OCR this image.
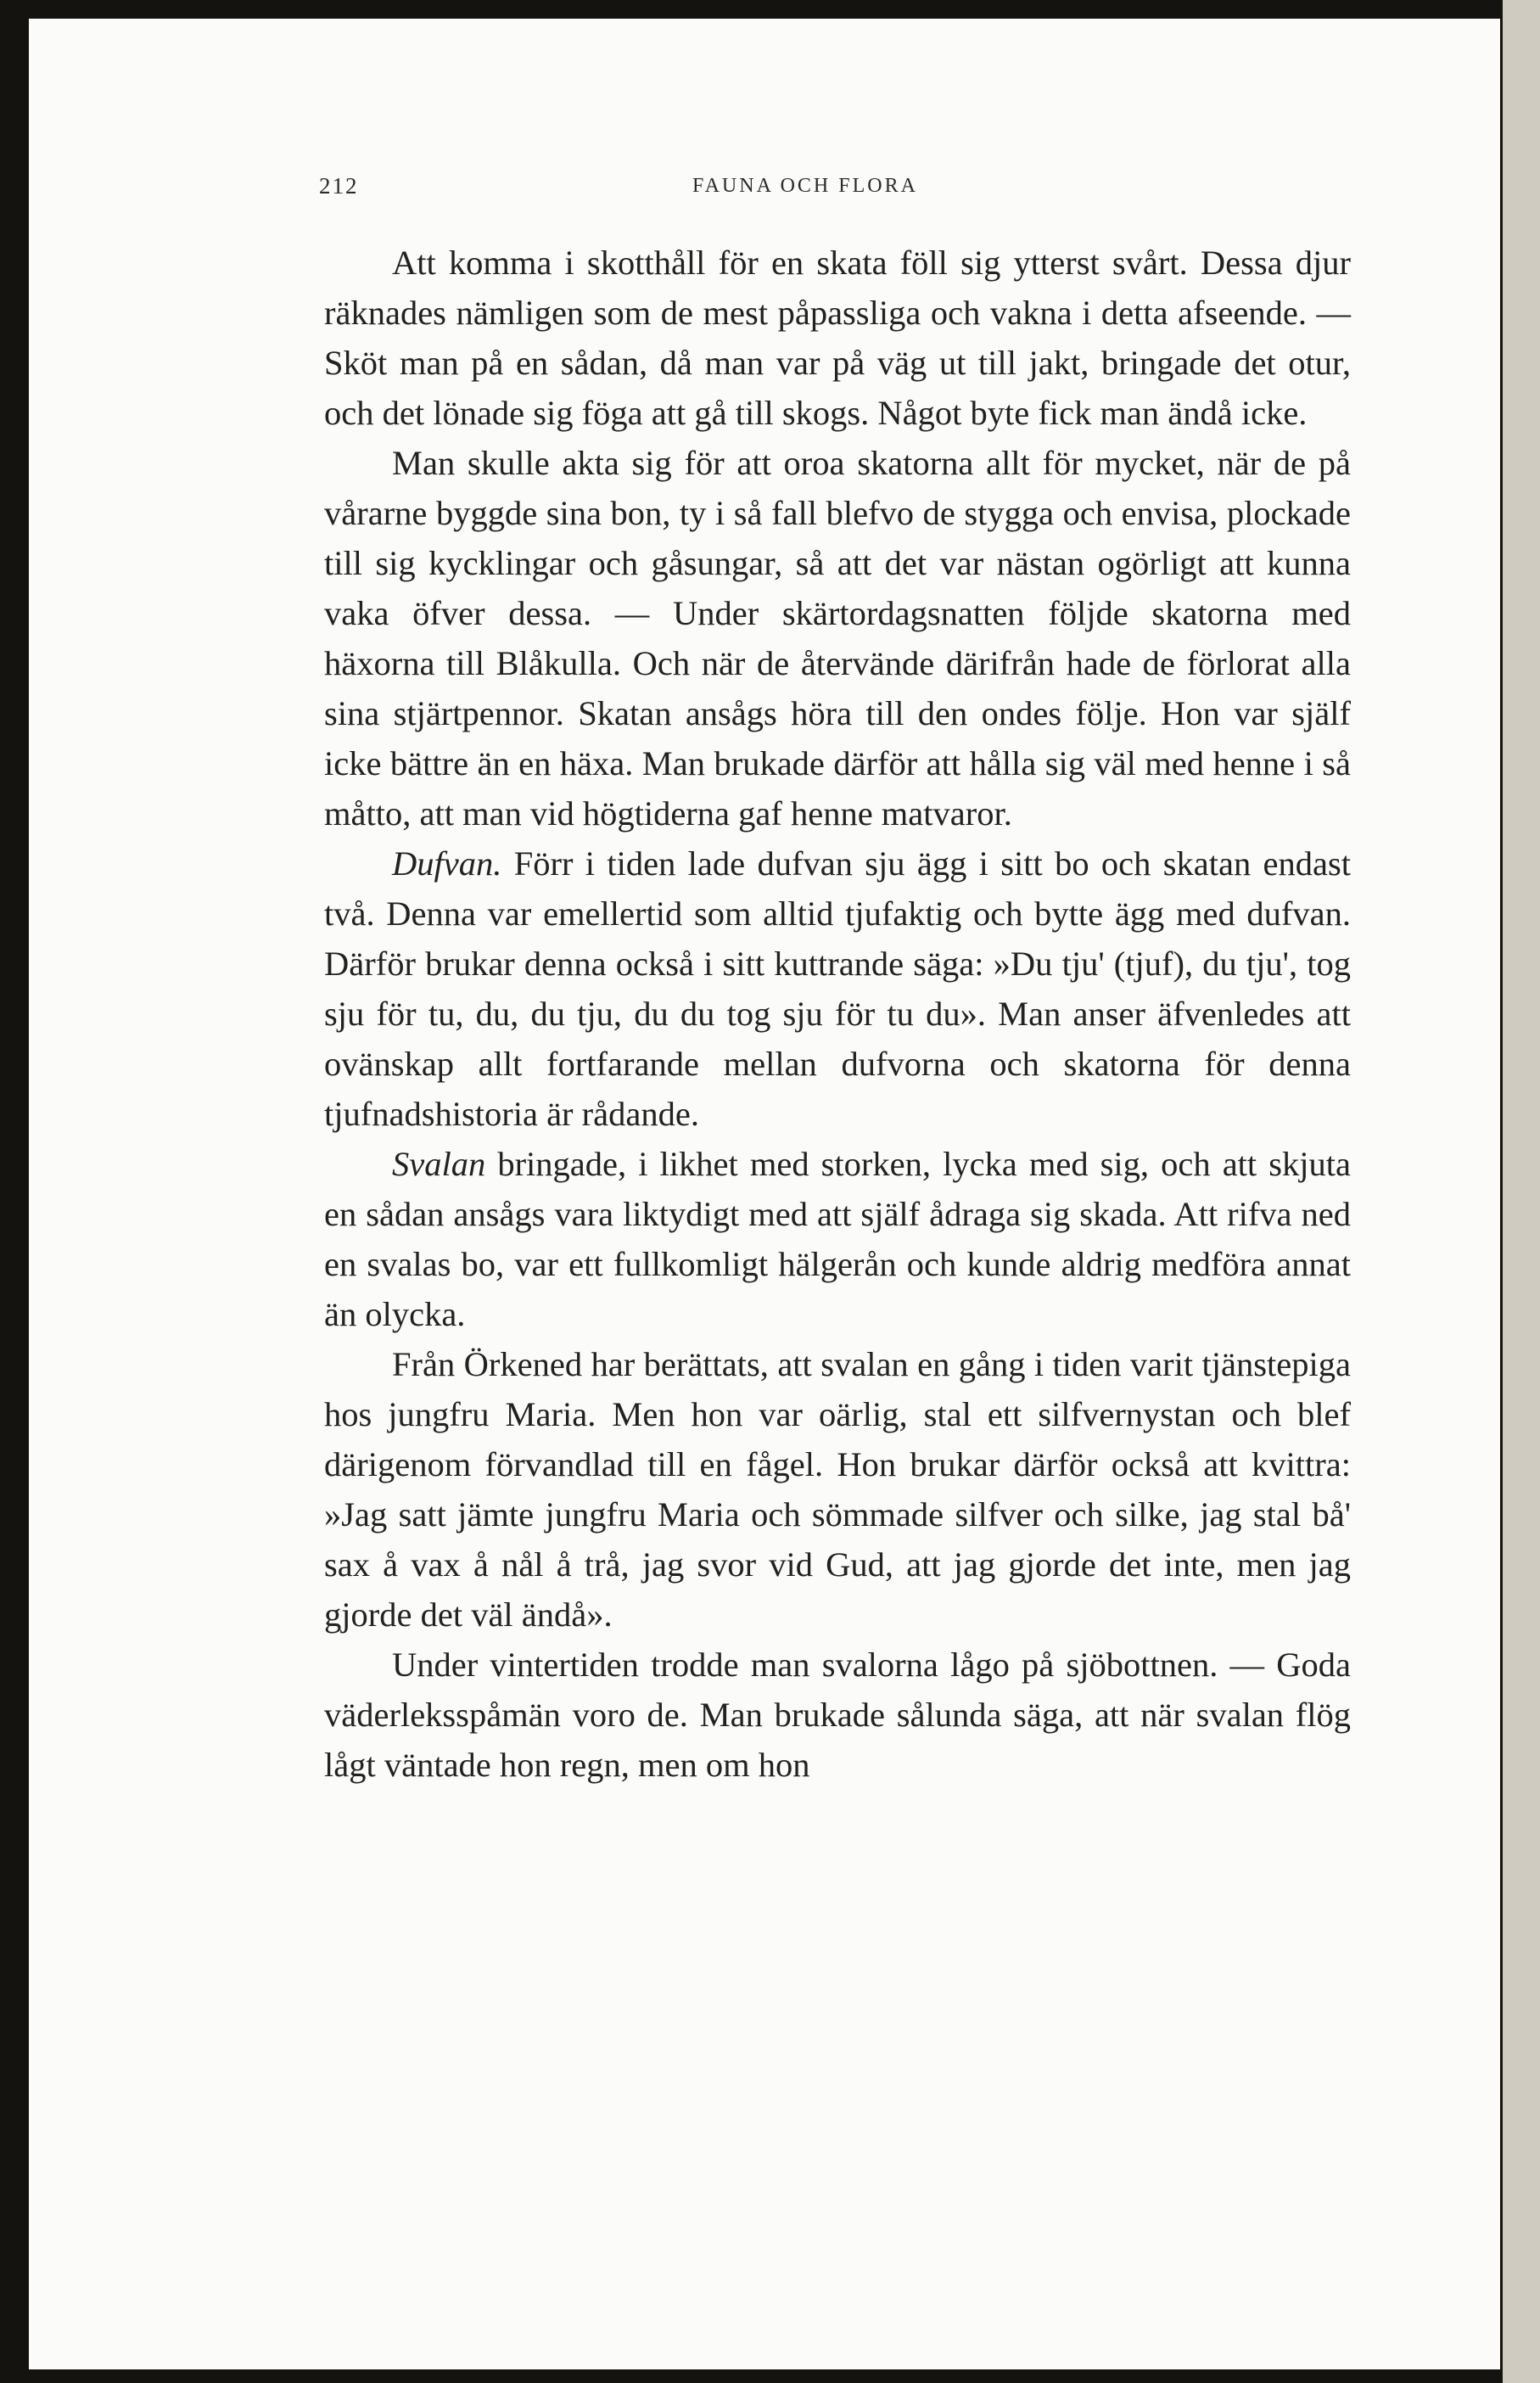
212	FAUNA OCH FLORA

Att komma i skotthåll för en skata föll sig ytterst svårt. Dessa djur räknades nämligen som de mest påpassliga och vakna i detta afseende. — Sköt man på en sådan, då man var på väg ut till jakt, bringade det otur, och det lönade sig föga att gå till skogs. Något byte fick man ändå icke.

Man skulle akta sig för att oroa skatorna allt för mycket, när de på vårarne byggde sina bon, ty i så fall blefvo de stygga och envisa, plockade till sig kycklingar och gåsungar, så att det var nästan ogörligt att kunna vaka öfver dessa. — Under skärtordagsnatten följde skatorna med häxorna till Blåkulla. Och när de återvände därifrån hade de förlorat alla sina stjärtpennor. Skatan ansågs höra till den ondes följe. Hon var själf icke bättre än en häxa. Man brukade därför att hålla sig väl med henne i så måtto, att man vid högtiderna gaf henne matvaror.

Dufvan. Förr i tiden lade dufvan sju ägg i sitt bo och skatan endast två. Denna var emellertid som alltid tjufaktig och bytte ägg med dufvan. Därför brukar denna också i sitt kuttrande säga: »Du tju' (tjuf), du tju', tog sju för tu, du, du tju, du du tog sju för tu du». Man anser äfvenledes att ovänskap allt fortfarande mellan dufvorna och skatorna för denna tjufnadshistoria är rådande.

Svalan bringade, i likhet med storken, lycka med sig, och att skjuta en sådan ansågs vara liktydigt med att själf ådraga sig skada. Att rifva ned en svalas bo, var ett fullkomligt hälgerån och kunde aldrig medföra annat än olycka.

Från Örkened har berättats, att svalan en gång i tiden varit tjänstepiga hos jungfru Maria. Men hon var oärlig, stal ett silfvernystan och blef därigenom förvandlad till en fågel. Hon brukar därför också att kvittra: »Jag satt jämte jungfru Maria och sömmade silfver och silke, jag stal bå' sax å vax å nål å trå, jag svor vid Gud, att jag gjorde det inte, men jag gjorde det väl ändå».

Under vintertiden trodde man svalorna lågo på sjöbottnen. — Goda väderleksspåmän voro de. Man brukade sålunda säga, att när svalan flög lågt väntade hon regn, men om hon
